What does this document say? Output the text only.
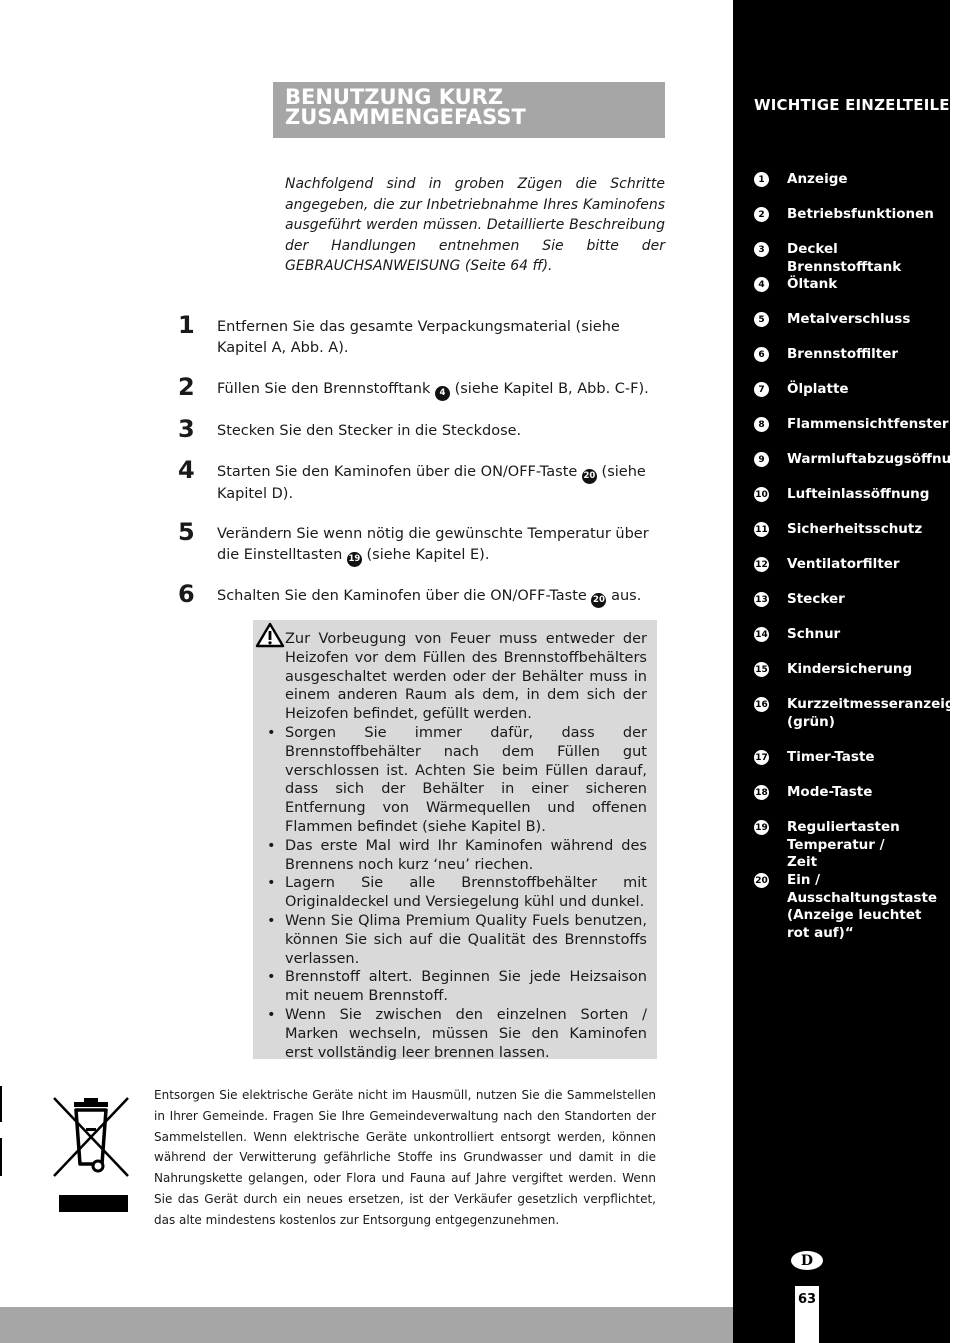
BENUTZUNG KURZ
ZUSAMMENGEFASST
Nachfolgend sind in groben Zügen die Schritte angegeben, die zur Inbetriebnahme Ihres Kaminofens ausgeführt werden müssen. Detaillierte Beschreibung der Handlungen entnehmen Sie bitte der GEBRAUCHSANWEISUNG (Seite 64 ff).
1 Entfernen Sie das gesamte Verpackungsmaterial (siehe Kapitel A, Abb. A).
2 Füllen Sie den Brennstofftank 4 (siehe Kapitel B, Abb. C-F).
3 Stecken Sie den Stecker in die Steckdose.
4 Starten Sie den Kaminofen über die ON/OFF-Taste 20 (siehe Kapitel D).
5 Verändern Sie wenn nötig die gewünschte Temperatur über die Einstelltasten 19 (siehe Kapitel E).
6 Schalten Sie den Kaminofen über die ON/OFF-Taste 20 aus.

Zur Vorbeugung von Feuer muss entweder der Heizofen vor dem Füllen des Brennstoffbehälters ausgeschaltet werden oder der Behälter muss in einem anderen Raum als dem, in dem sich der Heizofen befindet, gefüllt werden.

• Sorgen Sie immer dafür, dass der Brennstoffbehälter nach dem Füllen gut verschlossen ist. Achten Sie beim Füllen darauf, dass sich der Behälter in einer sicheren Entfernung von Wärmequellen und offenen Flammen befindet (siehe Kapitel B).
• Das erste Mal wird Ihr Kaminofen während des Brennens noch kurz ‘neu’ riechen.
• Lagern Sie alle Brennstoffbehälter mit Originaldeckel und Versiegelung kühl und dunkel.
• Wenn Sie Qlima Premium Quality Fuels benutzen, können Sie sich auf die Qualität des Brennstoffs verlassen.
• Brennstoff altert. Beginnen Sie jede Heizsaison mit neuem Brennstoff.
• Wenn Sie zwischen den einzelnen Sorten / Marken wechseln, müssen Sie den Kaminofen erst vollständig leer brennen lassen.
Entsorgen Sie elektrische Geräte nicht im Hausmüll, nutzen Sie die Sammelstellen in Ihrer Gemeinde. Fragen Sie Ihre Gemeindeverwaltung nach den Standorten der Sammelstellen. Wenn elektrische Geräte unkontrolliert entsorgt werden, können während der Verwitterung gefährliche Stoffe ins Grundwasser und damit in die Nahrungskette gelangen, oder Flora und Fauna auf Jahre vergiftet werden. Wenn Sie das Gerät durch ein neues ersetzen, ist der Verkäufer gesetzlich verpflichtet, das alte mindestens kostenlos zur Entsorgung entgegenzunehmen.
WICHTIGE EINZELTEILE
1	Anzeige
2	Betriebsfunktionen
3	Deckel Brennstofftank
4	Öltank
5	Metalverschluss
6	Brennstoffilter
7	Ölplatte
8	Flammensichtfenster
9	Warmluftabzugsöffnung
10 Lufteinlassöffnung
11 Sicherheitsschutz
12 Ventilatorfilter
13 Stecker
14 Schnur
15 Kindersicherung
16 Kurzzeitmesseranzeige (grün)
17 Timer-Taste
18 Mode-Taste
19 Reguliertasten Temperatur / Zeit
20 Ein / Ausschaltungstaste (Anzeige leuchtet rot auf)“
D
63
